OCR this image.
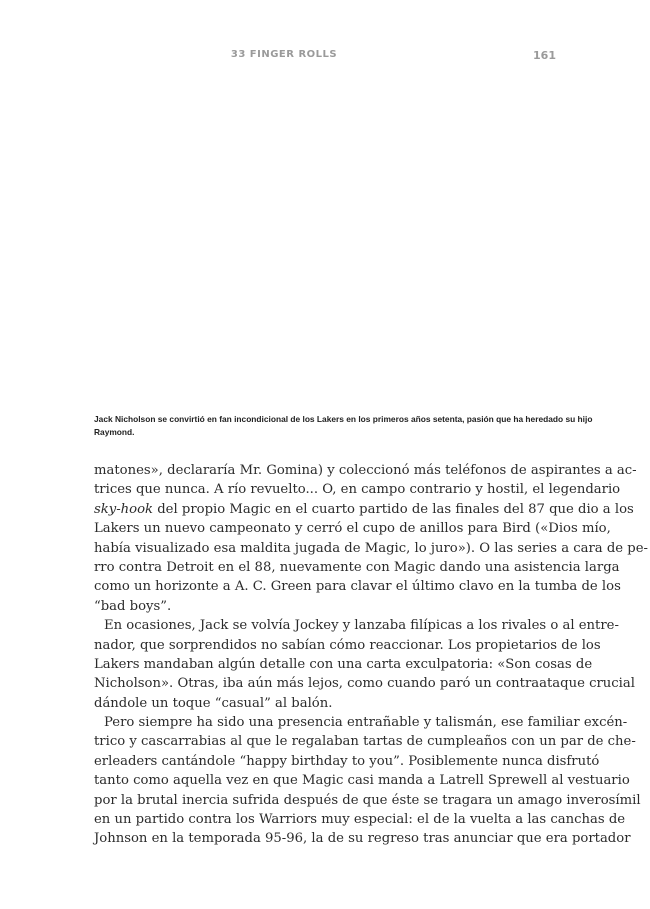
33 FINGER ROLLS	161
Jack Nicholson se convirtió en fan incondicional de los Lakers en los primeros años setenta, pasión que ha heredado su hijo
Raymond.
matones», declararía Mr. Gomina) y coleccionó más teléfonos de aspirantes a ac-
trices que nunca. A río revuelto... O, en campo contrario y hostil, el legendario
sky-hook del propio Magic en el cuarto partido de las finales del 87 que dio a los
Lakers un nuevo campeonato y cerró el cupo de anillos para Bird («Dios mío,
había visualizado esa maldita jugada de Magic, lo juro»). O las series a cara de pe-
rro contra Detroit en el 88, nuevamente con Magic dando una asistencia larga
como un horizonte a A. C. Green para clavar el último clavo en la tumba de los
“bad boys”.
En ocasiones, Jack se volvía Jockey y lanzaba filípicas a los rivales o al entre-
nador, que sorprendidos no sabían cómo reaccionar. Los propietarios de los
Lakers mandaban algún detalle con una carta exculpatoria: «Son cosas de
Nicholson». Otras, iba aún más lejos, como cuando paró un contraataque crucial
dándole un toque “casual” al balón.
Pero siempre ha sido una presencia entrañable y talismán, ese familiar excén-
trico y cascarrabias al que le regalaban tartas de cumpleaños con un par de che-
erleaders cantándole “happy birthday to you”. Posiblemente nunca disfrutó
tanto como aquella vez en que Magic casi manda a Latrell Sprewell al vestuario
por la brutal inercia sufrida después de que éste se tragara un amago inverosímil
en un partido contra los Warriors muy especial: el de la vuelta a las canchas de
Johnson en la temporada 95-96, la de su regreso tras anunciar que era portador
